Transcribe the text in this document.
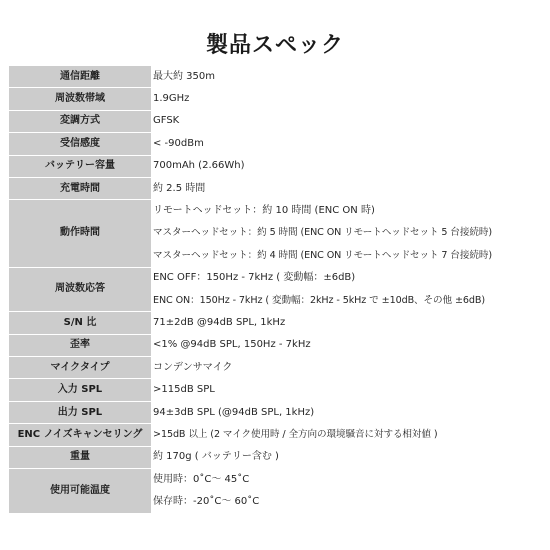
製品スペック
通信距離	最大約 350m
周波数帯域	1.9GHz
変調方式	GFSK
受信感度	< -90dBm
バッテリー容量	700mAh (2.66Wh)
充電時間	約 2.5 時間
動作時間	リモートヘッドセット：約 10 時間 (ENC ON 時)
	マスターヘッドセット：約 5 時間 (ENC ON リモートヘッドセット 5 台接続時)
	マスターヘッドセット：約 4 時間 (ENC ON リモートヘッドセット 7 台接続時)
周波数応答	ENC OFF：150Hz - 7kHz ( 変動幅：±6dB)
	ENC ON：150Hz - 7kHz ( 変動幅：2kHz - 5kHz で ±10dB、その他 ±6dB)
S/N 比	71±2dB @94dB SPL, 1kHz
歪率	<1% @94dB SPL, 150Hz - 7kHz
マイクタイプ	コンデンサマイク
入力 SPL	>115dB SPL
出力 SPL	94±3dB SPL (@94dB SPL, 1kHz)
ENC ノイズキャンセリング	>15dB 以上 (2 マイク使用時 / 全方向の環境騒音に対する相対値 )
重量	約 170g ( バッテリー含む )
使用可能温度	使用時：0˚C～ 45˚C
	保存時：-20˚C～ 60˚C
